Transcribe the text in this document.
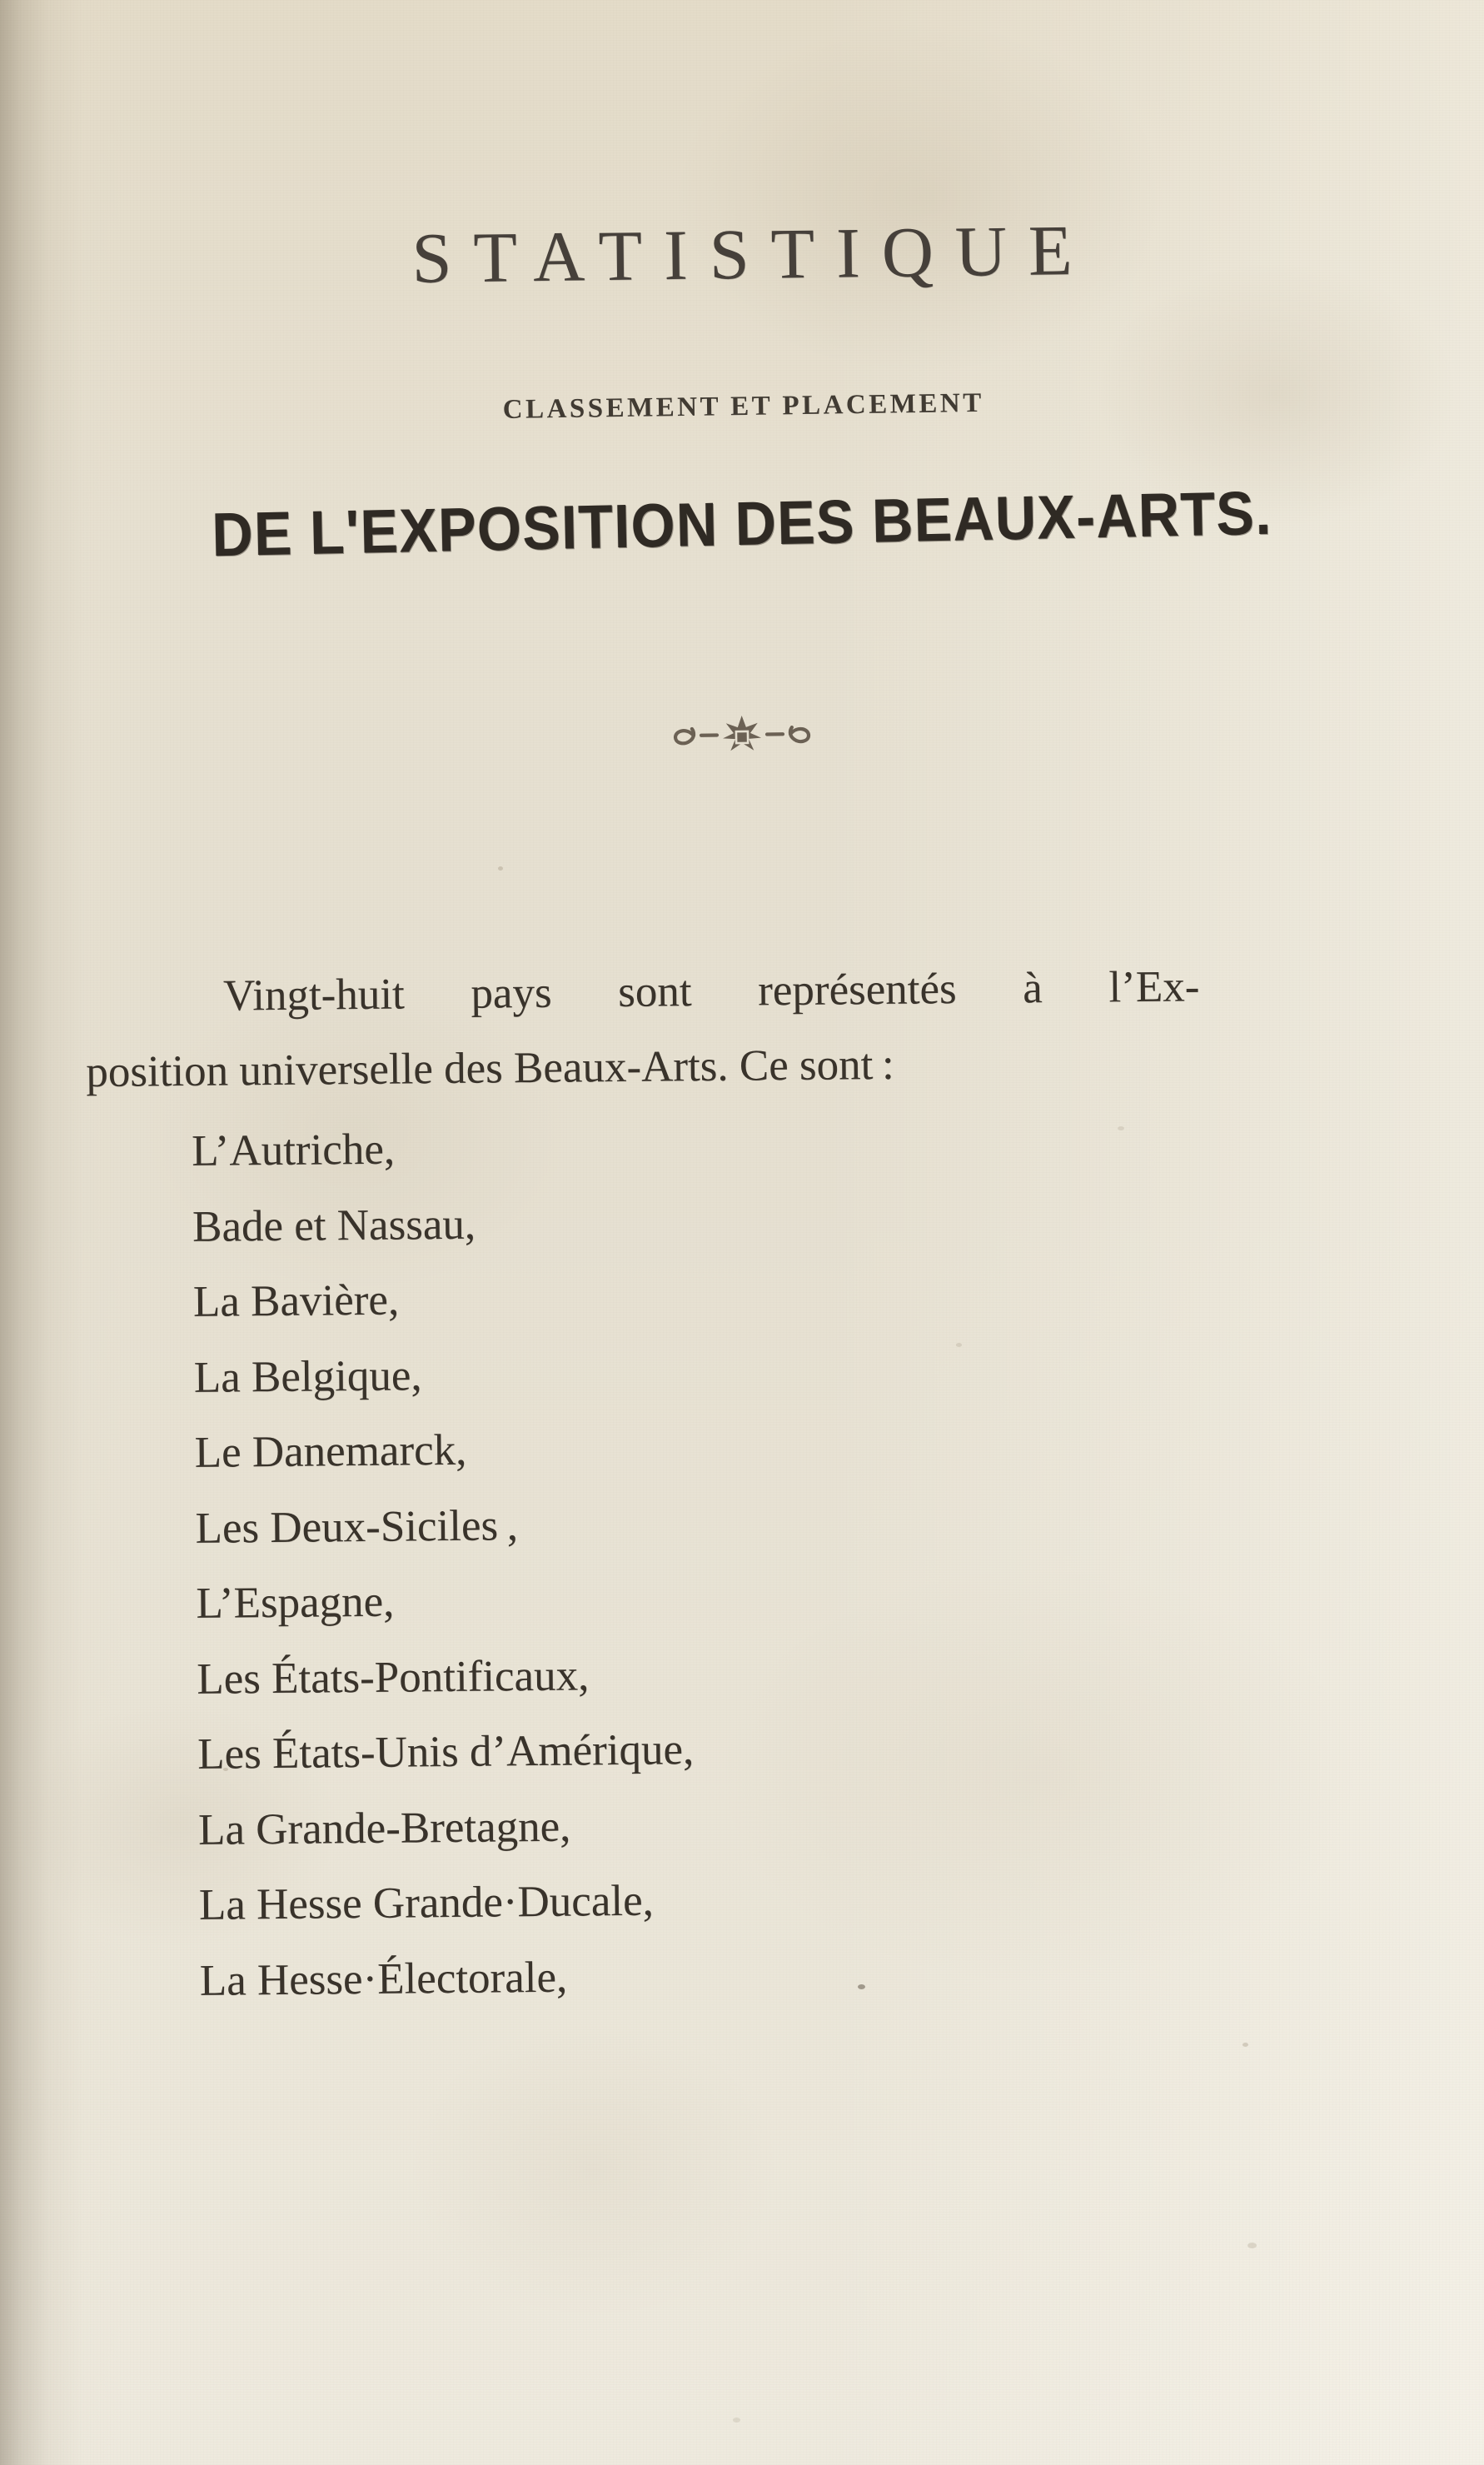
STATISTIQUE
CLASSEMENT ET PLACEMENT
DE L'EXPOSITION DES BEAUX-ARTS.

Vingt-huit pays sont représentés à l’Ex-
position universelle des Beaux-Arts. Ce sont :

L’Autriche,
Bade et Nassau,
La Bavière,
La Belgique,
Le Danemarck,
Les Deux-Siciles ,
L’Espagne,
Les États-Pontificaux,
Les États-Unis d’Amérique,
La Grande-Bretagne,
La Hesse Grande·Ducale,
La Hesse·Électorale,
